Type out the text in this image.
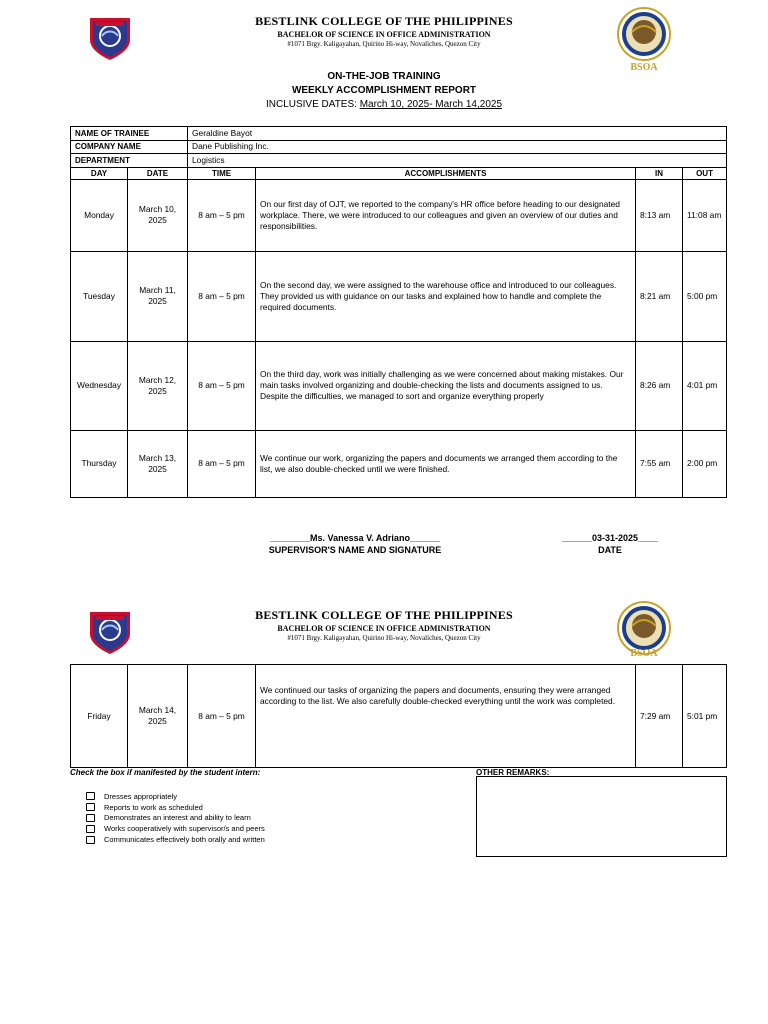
BESTLINK COLLEGE OF THE PHILIPPINES
BACHELOR OF SCIENCE IN OFFICE ADMINISTRATION
#1071 Brgy. Kaligayahan, Quirino Hi-way, Novaliches, Quezon City
BSOA
ON-THE-JOB TRAINING
WEEKLY ACCOMPLISHMENT REPORT
INCLUSIVE DATES: March 10, 2025- March 14,2025
NAME OF TRAINEE		Geraldine Bayot			
COMPANY NAME		Dane Publishing Inc.			
DEPARTMENT		Logistics			
DAY	DATE	TIME	ACCOMPLISHMENTS	IN	OUT
Monday	March 10, 2025	8 am – 5 pm	On our first day of OJT, we reported to the company's HR office before heading to our designated workplace. There, we were introduced to our colleagues and given an overview of our duties and responsibilities.	8:13 am	11:08 am
Tuesday	March 11, 2025	8 am – 5 pm	On the second day, we were assigned to the warehouse office and introduced to our colleagues. They provided us with guidance on our tasks and explained how to handle and complete the required documents.	8:21 am	5:00 pm
Wednesday	March 12, 2025	8 am – 5 pm	On the third day, work was initially challenging as we were concerned about making mistakes. Our main tasks involved organizing and double-checking the lists and documents assigned to us. Despite the difficulties, we managed to sort and organize everything properly	8:26 am	4:01 pm
Thursday	March 13, 2025	8 am – 5 pm	We continue our work, organizing the papers and documents we arranged them according to the list, we also double-checked until we were finished.	7:55 am	2:00 pm
________Ms. Vanessa V. Adriano______
SUPERVISOR'S NAME AND SIGNATURE
______03-31-2025____
DATE
BESTLINK COLLEGE OF THE PHILIPPINES
BACHELOR OF SCIENCE IN OFFICE ADMINISTRATION
#1071 Brgy. Kaligayahan, Quirino Hi-way, Novaliches, Quezon City
BSOA
Friday	March 14, 2025	8 am – 5 pm	We continued our tasks of organizing the papers and documents, ensuring they were arranged according to the list. We also carefully double-checked everything until the work was completed.	7:29 am	5:01 pm
Check the box if manifested by the student intern:	OTHER REMARKS:
Dresses appropriately
Reports to work as scheduled
Demonstrates an interest and ability to learn
Works cooperatively with supervisor/s and peers
Communicates effectively both orally and written
